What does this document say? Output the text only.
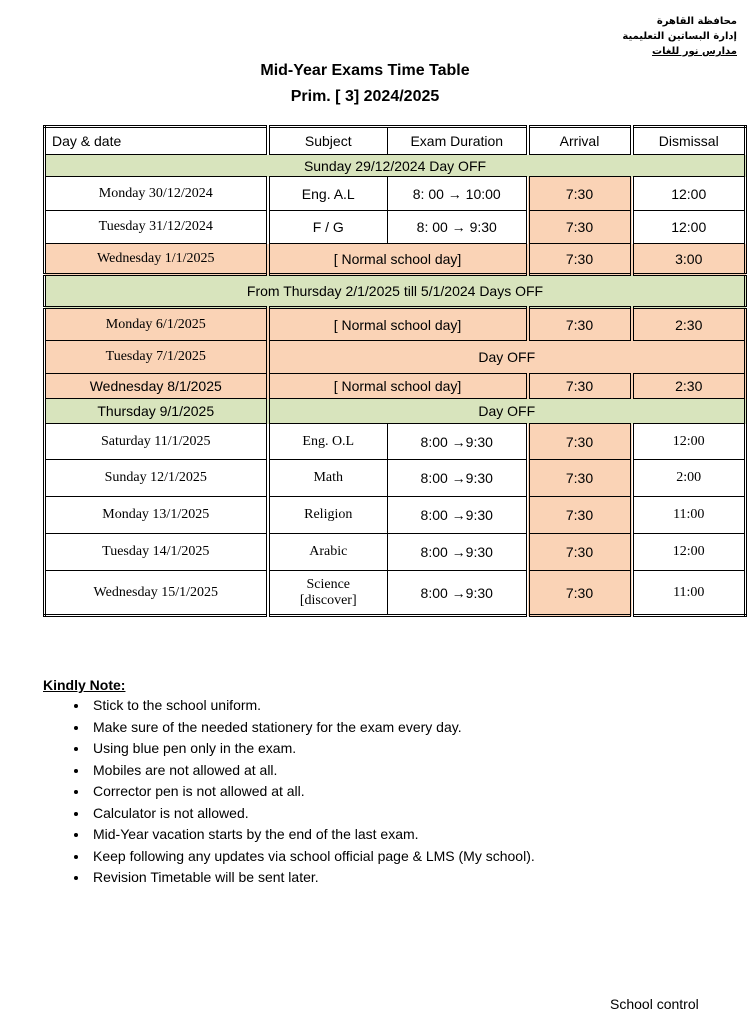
محافظة القاهرة
إدارة البساتين التعليمية
مدارس نور للغات
Mid-Year Exams Time Table
Prim. [ 3] 2024/2025
Day & date	Subject	Exam Duration	Arrival	Dismissal
Sunday 29/12/2024 Day OFF				
Monday 30/12/2024	Eng. A.L	8: 00 → 10:00	7:30	12:00
Tuesday 31/12/2024	F / G	8: 00 → 9:30	7:30	12:00
Wednesday 1/1/2025	[ Normal school day]		7:30	3:00
From Thursday 2/1/2025 till 5/1/2024 Days OFF				
Monday 6/1/2025	[ Normal school day]		7:30	2:30
Tuesday 7/1/2025	Day OFF			
Wednesday 8/1/2025	[ Normal school day]		7:30	2:30
Thursday 9/1/2025	Day OFF			
Saturday 11/1/2025	Eng. O.L	8:00 →9:30	7:30	12:00
Sunday 12/1/2025	Math	8:00 →9:30	7:30	2:00
Monday 13/1/2025	Religion	8:00 →9:30	7:30	11:00
Tuesday 14/1/2025	Arabic	8:00 →9:30	7:30	12:00
Wednesday 15/1/2025	Science
[discover]	8:00 →9:30	7:30	11:00
Kindly Note:
• Stick to the school uniform.
• Make sure of the needed stationery for the exam every day.
• Using blue pen only in the exam.
• Mobiles are not allowed at all.
• Corrector pen is not allowed at all.
• Calculator is not allowed.
• Mid-Year vacation starts by the end of the last exam.
• Keep following any updates via school official page & LMS (My school).
• Revision Timetable will be sent later.
School control
